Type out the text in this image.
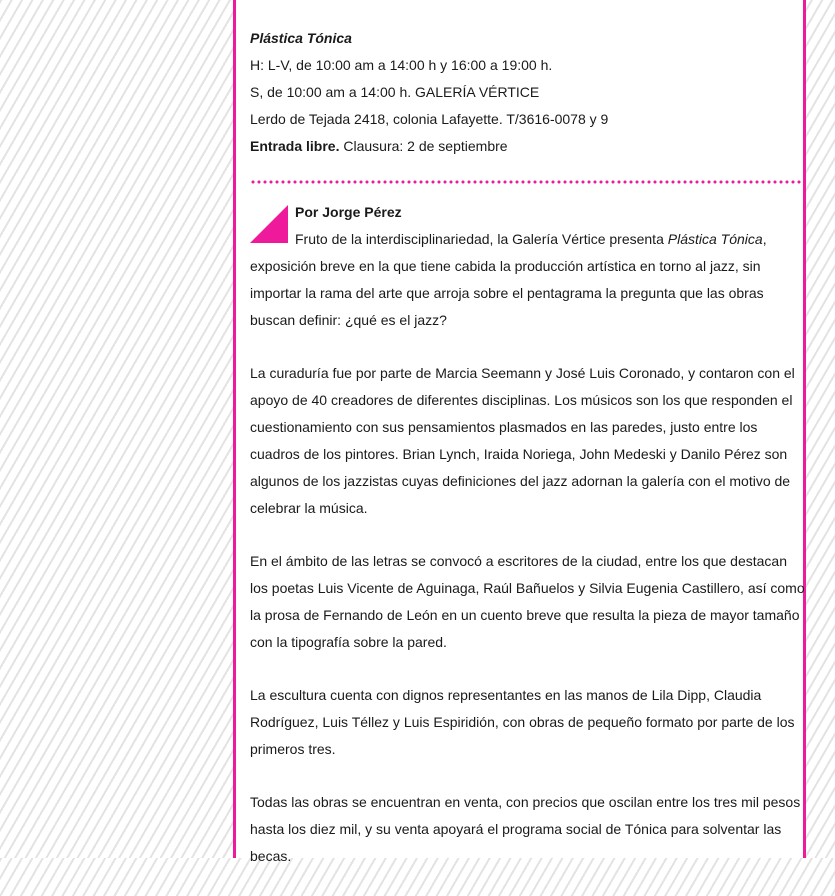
Plástica Tónica
H: L-V, de 10:00 am a 14:00 h y 16:00 a 19:00 h.
S, de 10:00 am a 14:00 h. GALERÍA VÉRTICE
Lerdo de Tejada 2418, colonia Lafayette. T/3616-0078 y 9
Entrada libre. Clausura: 2 de septiembre
Por Jorge Pérez

Fruto de la interdisciplinariedad, la Galería Vértice presenta Plástica Tónica, exposición breve en la que tiene cabida la producción artística en torno al jazz, sin importar la rama del arte que arroja sobre el pentagrama la pregunta que las obras buscan definir: ¿qué es el jazz?

La curaduría fue por parte de Marcia Seemann y José Luis Coronado, y contaron con el apoyo de 40 creadores de diferentes disciplinas. Los músicos son los que responden el cuestionamiento con sus pensamientos plasmados en las paredes, justo entre los cuadros de los pintores. Brian Lynch, Iraida Noriega, John Medeski y Danilo Pérez son algunos de los jazzistas cuyas definiciones del jazz adornan la galería con el motivo de celebrar la música.

En el ámbito de las letras se convocó a escritores de la ciudad, entre los que destacan los poetas Luis Vicente de Aguinaga, Raúl Bañuelos y Silvia Eugenia Castillero, así como la prosa de Fernando de León en un cuento breve que resulta la pieza de mayor tamaño con la tipografía sobre la pared.

La escultura cuenta con dignos representantes en las manos de Lila Dipp, Claudia Rodríguez, Luis Téllez y Luis Espiridión, con obras de pequeño formato por parte de los primeros tres.

Todas las obras se encuentran en venta, con precios que oscilan entre los tres mil pesos hasta los diez mil, y su venta apoyará el programa social de Tónica para solventar las becas.
